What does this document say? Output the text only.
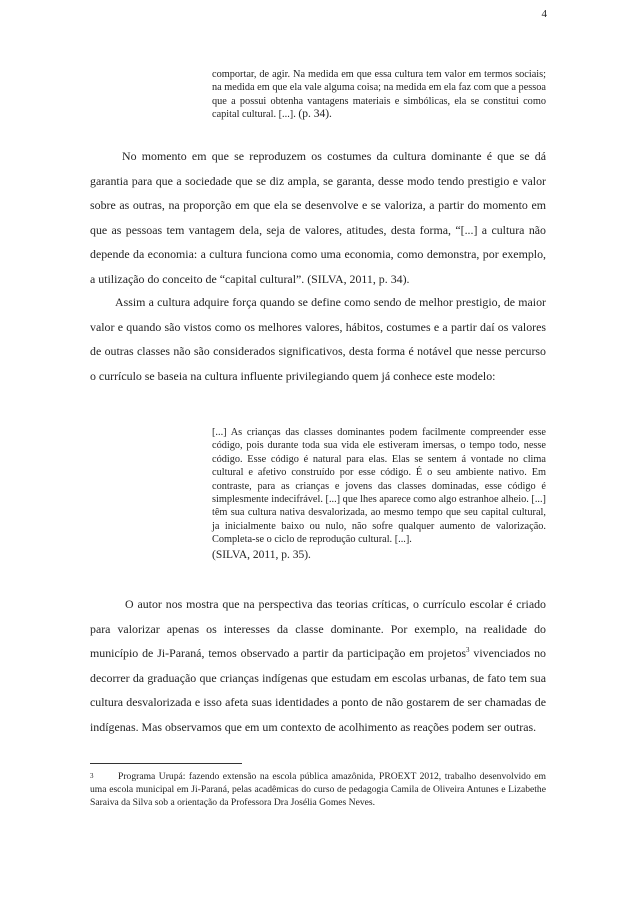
4

comportar, de agir. Na medida em que essa cultura tem valor em termos sociais; na medida em que ela vale alguma coisa; na medida em ela faz com que a pessoa que a possui obtenha vantagens materiais e simbólicas, ela se constitui como capital cultural. [...]. (p. 34).

No momento em que se reproduzem os costumes da cultura dominante é que se dá garantia para que a sociedade que se diz ampla, se garanta, desse modo tendo prestigio e valor sobre as outras, na proporção em que ela se desenvolve e se valoriza, a partir do momento em que as pessoas tem vantagem dela, seja de valores, atitudes, desta forma, “[...] a cultura não depende da economia: a cultura funciona como uma economia, como demonstra, por exemplo, a utilização do conceito de “capital cultural”. (SILVA, 2011, p. 34).

Assim a cultura adquire força quando se define como sendo de melhor prestigio, de maior valor e quando são vistos como os melhores valores, hábitos, costumes e a partir daí os valores de outras classes não são considerados significativos, desta forma é notável que nesse percurso o currículo se baseia na cultura influente privilegiando quem já conhece este modelo:

[...] As crianças das classes dominantes podem facilmente compreender esse código, pois durante toda sua vida ele estiveram imersas, o tempo todo, nesse código. Esse código é natural para elas. Elas se sentem á vontade no clima cultural e afetivo construído por esse código. É o seu ambiente nativo. Em contraste, para as crianças e jovens das classes dominadas, esse código é simplesmente indecifrável. [...] que lhes aparece como algo estranhoe alheio. [...] têm sua cultura nativa desvalorizada, ao mesmo tempo que seu capital cultural, ja inicialmente baixo ou nulo, não sofre qualquer aumento de valorização. Completa-se o ciclo de reprodução cultural. [...].

(SILVA, 2011, p. 35).

O autor nos mostra que na perspectiva das teorias críticas, o currículo escolar é criado para valorizar apenas os interesses da classe dominante. Por exemplo, na realidade do município de Ji-Paraná, temos observado a partir da participação em projetos$^3$ vivenciados no decorrer da graduação que crianças indígenas que estudam em escolas urbanas, de fato tem sua cultura desvalorizada e isso afeta suas identidades a ponto de não gostarem de ser chamadas de indígenas. Mas observamos que em um contexto de acolhimento as reações podem ser outras.

3	Programa Urupá: fazendo extensão na escola pública amazônida, PROEXT 2012, trabalho desenvolvido em uma escola municipal em Ji-Paraná, pelas acadêmicas do curso de pedagogia Camila de Oliveira Antunes e Lizabethe Saraiva da Silva sob a orientação da Professora Dra Josélia Gomes Neves.
